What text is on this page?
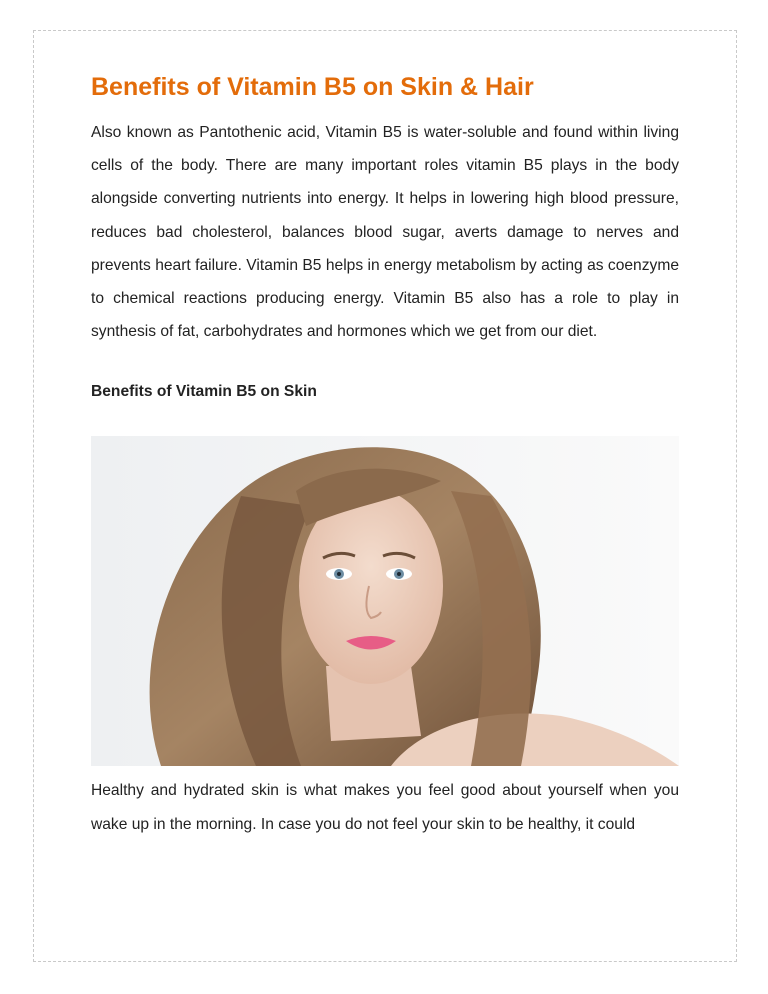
Benefits of Vitamin B5 on Skin & Hair

Also known as Pantothenic acid, Vitamin B5 is water-soluble and found within living cells of the body. There are many important roles vitamin B5 plays in the body alongside converting nutrients into energy. It helps in lowering high blood pressure, reduces bad cholesterol, balances blood sugar, averts damage to nerves and prevents heart failure. Vitamin B5 helps in energy metabolism by acting as coenzyme to chemical reactions producing energy. Vitamin B5 also has a role to play in synthesis of fat, carbohydrates and hormones which we get from our diet.

Benefits of Vitamin B5 on Skin

Healthy and hydrated skin is what makes you feel good about yourself when you wake up in the morning. In case you do not feel your skin to be healthy, it could
